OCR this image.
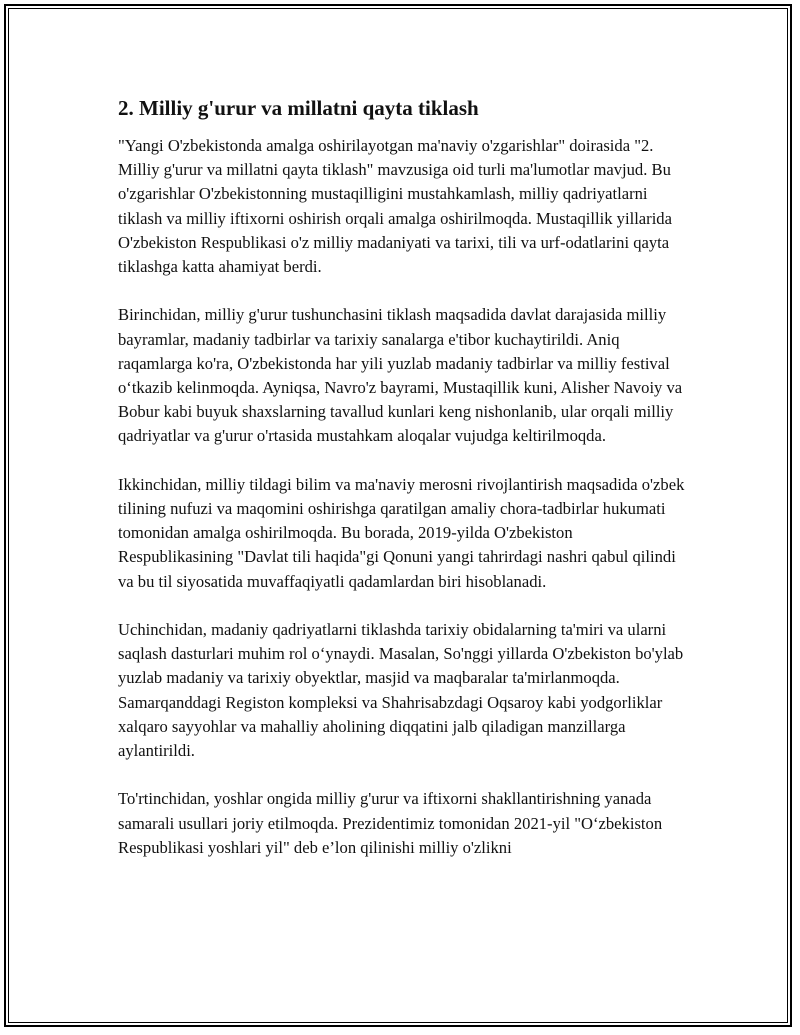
2. Milliy g'urur va millatni qayta tiklash

"Yangi O'zbekistonda amalga oshirilayotgan ma'naviy o'zgarishlar" doirasida "2. Milliy g'urur va millatni qayta tiklash" mavzusiga oid turli ma'lumotlar mavjud. Bu o'zgarishlar O'zbekistonning mustaqilligini mustahkamlash, milliy qadriyatlarni tiklash va milliy iftixorni oshirish orqali amalga oshirilmoqda. Mustaqillik yillarida O'zbekiston Respublikasi o'z milliy madaniyati va tarixi, tili va urf-odatlarini qayta tiklashga katta ahamiyat berdi.

Birinchidan, milliy g'urur tushunchasini tiklash maqsadida davlat darajasida milliy bayramlar, madaniy tadbirlar va tarixiy sanalarga e'tibor kuchaytirildi. Aniq raqamlarga ko'ra, O'zbekistonda har yili yuzlab madaniy tadbirlar va milliy festival o‘tkazib kelinmoqda. Ayniqsa, Navro'z bayrami, Mustaqillik kuni, Alisher Navoiy va Bobur kabi buyuk shaxslarning tavallud kunlari keng nishonlanib, ular orqali milliy qadriyatlar va g'urur o'rtasida mustahkam aloqalar vujudga keltirilmoqda.

Ikkinchidan, milliy tildagi bilim va ma'naviy merosni rivojlantirish maqsadida o'zbek tilining nufuzi va maqomini oshirishga qaratilgan amaliy chora-tadbirlar hukumati tomonidan amalga oshirilmoqda. Bu borada, 2019-yilda O'zbekiston Respublikasining "Davlat tili haqida"gi Qonuni yangi tahrirdagi nashri qabul qilindi va bu til siyosatida muvaffaqiyatli qadamlardan biri hisoblanadi.

Uchinchidan, madaniy qadriyatlarni tiklashda tarixiy obidalarning ta'miri va ularni saqlash dasturlari muhim rol o‘ynaydi. Masalan, So'nggi yillarda O'zbekiston bo'ylab yuzlab madaniy va tarixiy obyektlar, masjid va maqbaralar ta'mirlanmoqda. Samarqanddagi Registon kompleksi va Shahrisabzdagi Oqsaroy kabi yodgorliklar xalqaro sayyohlar va mahalliy aholining diqqatini jalb qiladigan manzillarga aylantirildi.

To'rtinchidan, yoshlar ongida milliy g'urur va iftixorni shakllantirishning yanada samarali usullari joriy etilmoqda. Prezidentimiz tomonidan 2021-yil "O‘zbekiston Respublikasi yoshlari yil" deb e’lon qilinishi milliy o'zlikni
